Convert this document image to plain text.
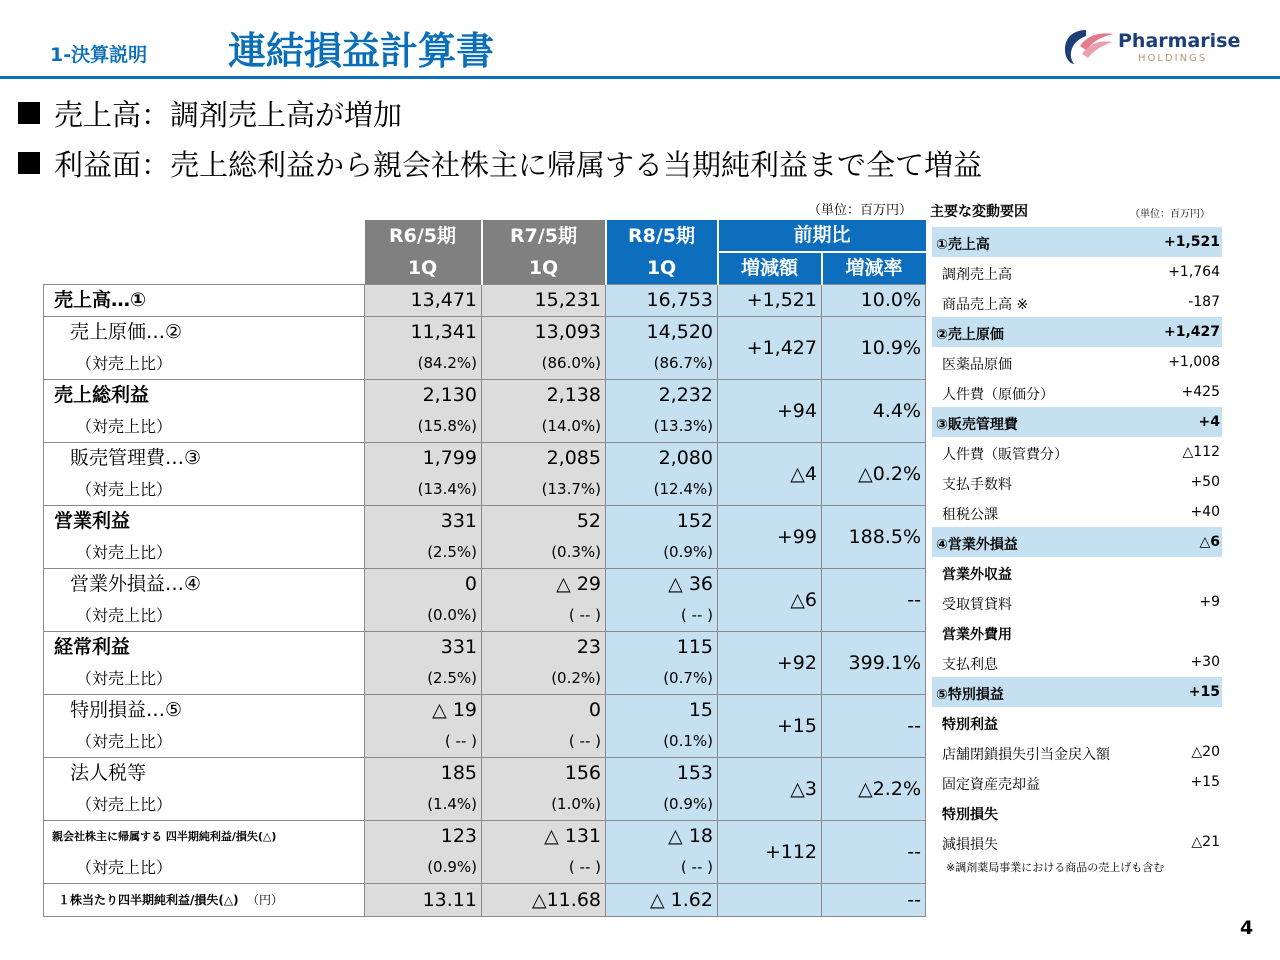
1-決算説明 連結損益計算書	Pharmarise
HOLDINGS
売上高：調剤売上高が増加
利益面：売上総利益から親会社株主に帰属する当期純利益まで全て増益
（単位：百万円）
	R6/5期	R7/5期	R8/5期	前期比	
	1Q	1Q	1Q	増減額	増減率
売上高…①	13,471	15,231	16,753	+1,521	10.0%
売上原価…②	11,341	13,093	14,520	+1,427	10.9%
（対売上比）	(84.2%)	(86.0%)	(86.7%)		
売上総利益	2,130	2,138	2,232	+94	4.4%
（対売上比）	(15.8%)	(14.0%)	(13.3%)		
販売管理費…③	1,799	2,085	2,080	△4	△0.2%
（対売上比）	(13.4%)	(13.7%)	(12.4%)		
営業利益	331	52	152	+99	188.5%
（対売上比）	(2.5%)	(0.3%)	(0.9%)		
営業外損益…④	0	△ 29	△ 36	△6	--
（対売上比）	(0.0%)	( -- )	( -- )		
経常利益	331	23	115	+92	399.1%
（対売上比）	(2.5%)	(0.2%)	(0.7%)		
特別損益…⑤	△ 19	0	15	+15	--
（対売上比）	( -- )	( -- )	(0.1%)		
法人税等	185	156	153	△3	△2.2%
（対売上比）	(1.4%)	(1.0%)	(0.9%)		
親会社株主に帰属する 四半期純利益/損失(△)	123	△ 131	△ 18	+112	--
（対売上比）	(0.9%)	( -- )	( -- )		
１株当たり四半期純利益/損失(△) （円）	13.11	△11.68	△ 1.62		--
主要な変動要因	（単位：百万円）
①売上高	+1,521
調剤売上高	+1,764
商品売上高 ※	-187
②売上原価	+1,427
医薬品原価	+1,008
人件費（原価分）	+425
③販売管理費	+4
人件費（販管費分）	△112
支払手数料	+50
租税公課	+40
④営業外損益	△6
営業外収益
受取賃貸料	+9
営業外費用
支払利息	+30
⑤特別損益	+15
特別利益
店舗閉鎖損失引当金戻入額	△20
固定資産売却益	+15
特別損失
減損損失	△21
※調剤薬局事業における商品の売上げも含む
4
